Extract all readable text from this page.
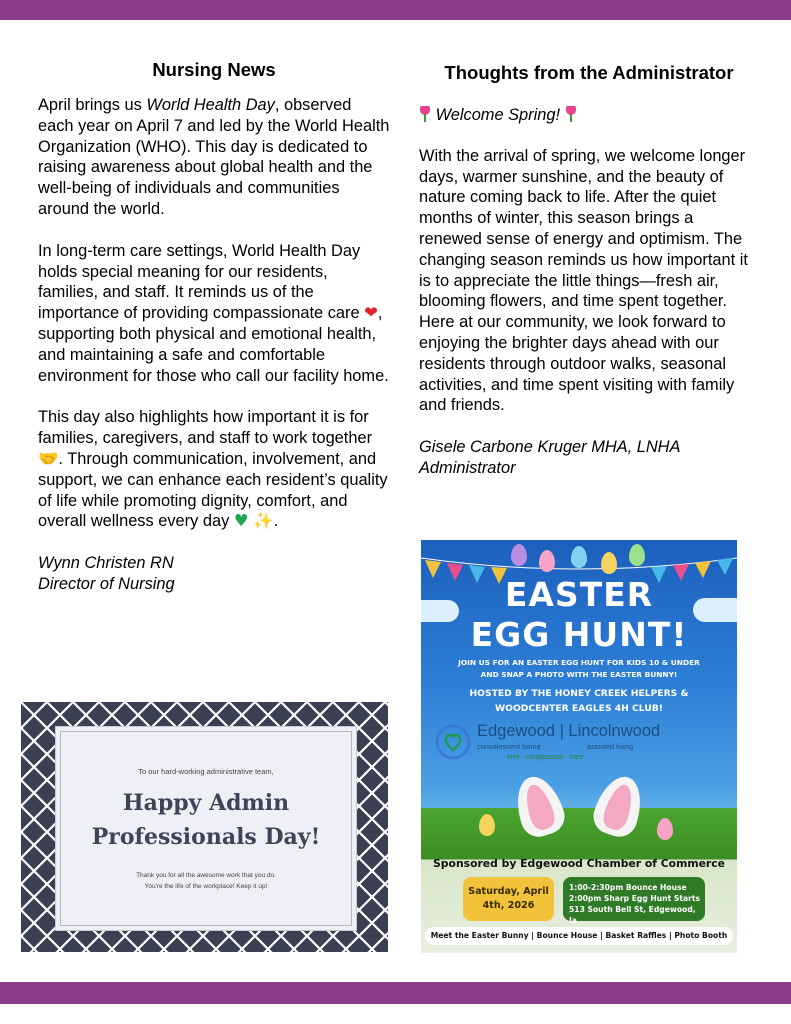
Nursing News

April brings us World Health Day, observed each year on April 7 and led by the World Health Organization (WHO). This day is dedicated to raising awareness about global health and the well-being of individuals and communities around the world.

In long-term care settings, World Health Day holds special meaning for our residents, families, and staff. It reminds us of the importance of providing compassionate care ❤, supporting both physical and emotional health, and maintaining a safe and comfortable environment for those who call our facility home.

This day also highlights how important it is for families, caregivers, and staff to work together 🤝. Through communication, involvement, and support, we can enhance each resident’s quality of life while promoting dignity, comfort, and overall wellness every day ♥ ✨.

Wynn Christen RN

Director of Nursing

To our hard-working administrative team,
Happy Admin
Professionals Day!
Thank you for all the awesome work that you do.
You're the life of the workplace! Keep it up!
Thoughts from the Administrator

Welcome Spring!

With the arrival of spring, we welcome longer days, warmer sunshine, and the beauty of nature coming back to life. After the quiet months of winter, this season brings a renewed sense of energy and optimism. The changing season reminds us how important it is to appreciate the little things—fresh air, blooming flowers, and time spent together. Here at our community, we look forward to enjoying the brighter days ahead with our residents through outdoor walks, seasonal activities, and time spent visiting with family and friends.

Gisele Carbone Kruger MHA, LNHA

Administrator

EASTER
EGG HUNT!
JOIN US FOR AN EASTER EGG HUNT FOR KIDS 10 & UNDER
AND SNAP A PHOTO WITH THE EASTER BUNNY!
HOSTED BY THE HONEY CREEK HELPERS &
WOODCENTER EAGLES 4H CLUB!
Edgewood | Lincolnwood
convalescent home	assisted living
love · compassion · care
Sponsored by Edgewood Chamber of Commerce
Saturday, April
4th, 2026
1:00-2:30pm Bounce House
2:00pm Sharp Egg Hunt Starts
513 South Bell St, Edgewood, Ia
Meet the Easter Bunny | Bounce House | Basket Raffles | Photo Booth
